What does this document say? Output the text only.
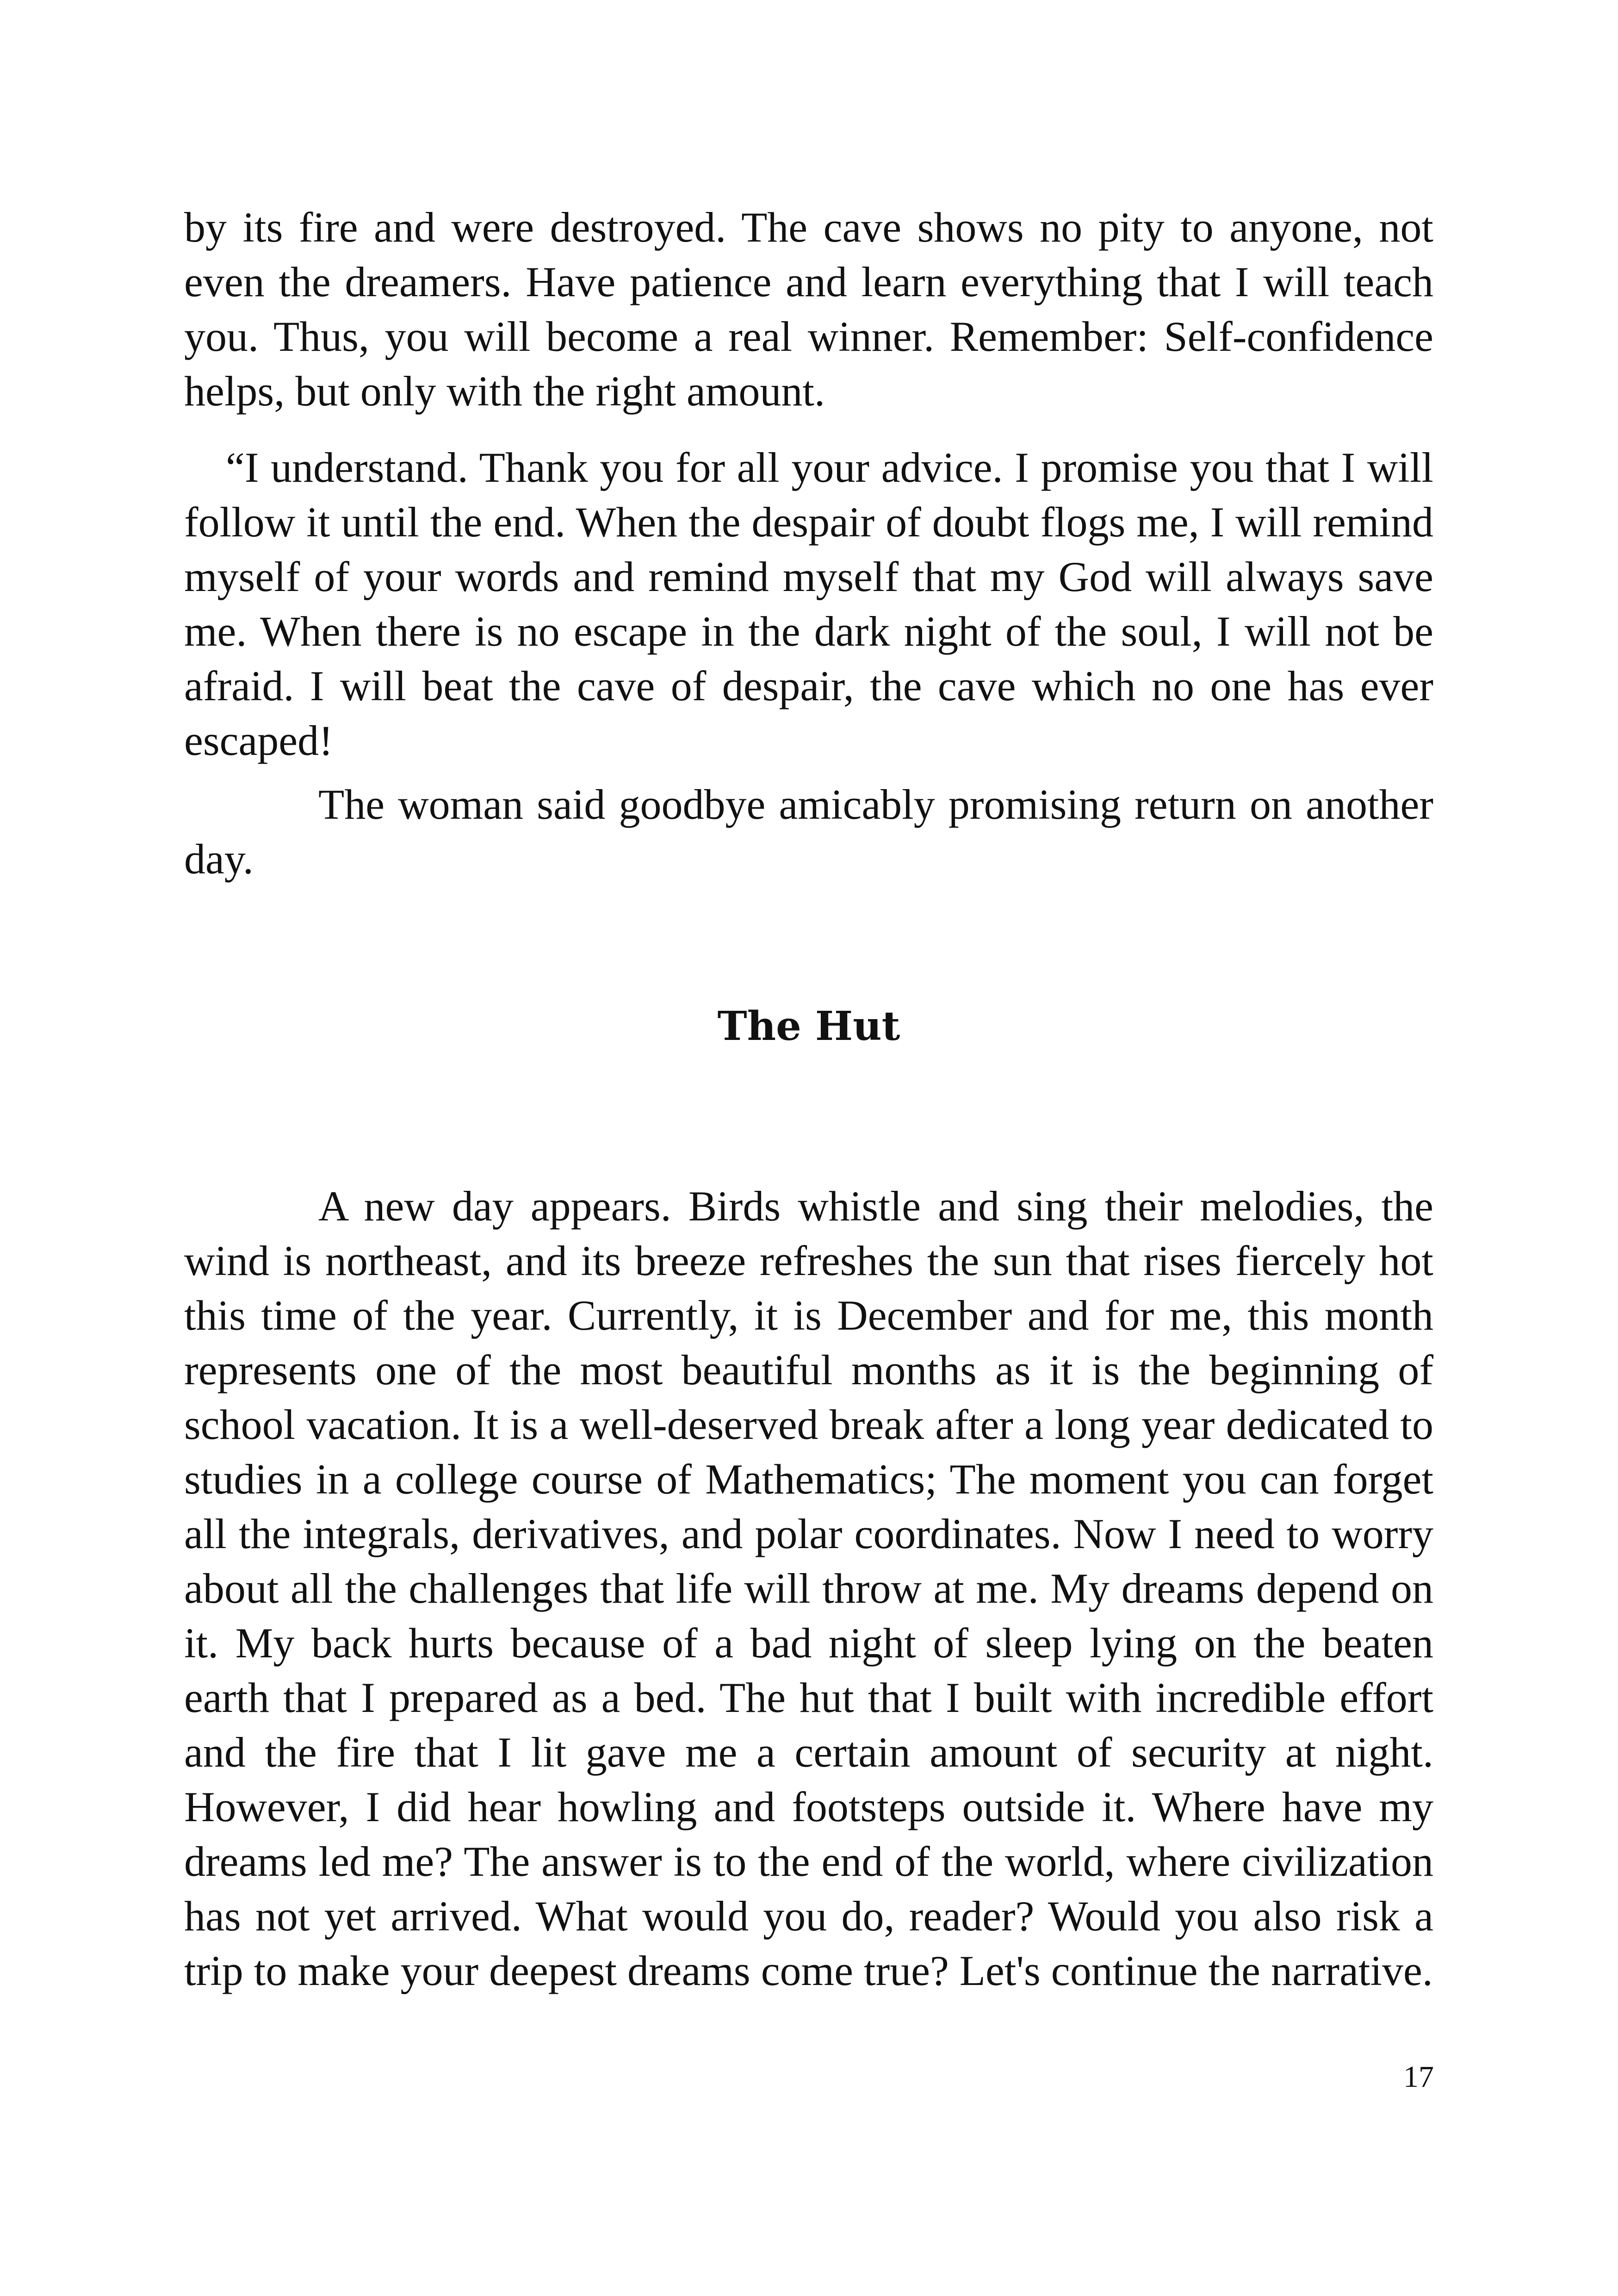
by its fire and were destroyed. The cave shows no pity to anyone, not even the dreamers. Have patience and learn everything that I will teach you. Thus, you will become a real winner. Remember: Self-confidence helps, but only with the right amount.

“I understand. Thank you for all your advice. I promise you that I will follow it until the end. When the despair of doubt flogs me, I will remind myself of your words and remind myself that my God will always save me. When there is no escape in the dark night of the soul, I will not be afraid. I will beat the cave of despair, the cave which no one has ever escaped!

The woman said goodbye amicably promising return on another day.

The Hut

A new day appears. Birds whistle and sing their melodies, the wind is northeast, and its breeze refreshes the sun that rises fiercely hot this time of the year. Currently, it is December and for me, this month represents one of the most beautiful months as it is the beginning of school vacation. It is a well-deserved break after a long year dedicated to studies in a college course of Mathematics; The moment you can forget all the integrals, derivatives, and polar coordinates. Now I need to worry about all the challenges that life will throw at me. My dreams depend on it. My back hurts because of a bad night of sleep lying on the beaten earth that I prepared as a bed. The hut that I built with incredible effort and the fire that I lit gave me a certain amount of security at night. However, I did hear howling and footsteps outside it. Where have my dreams led me? The answer is to the end of the world, where civilization has not yet arrived. What would you do, reader? Would you also risk a trip to make your deepest dreams come true? Let's continue the narrative.

17
